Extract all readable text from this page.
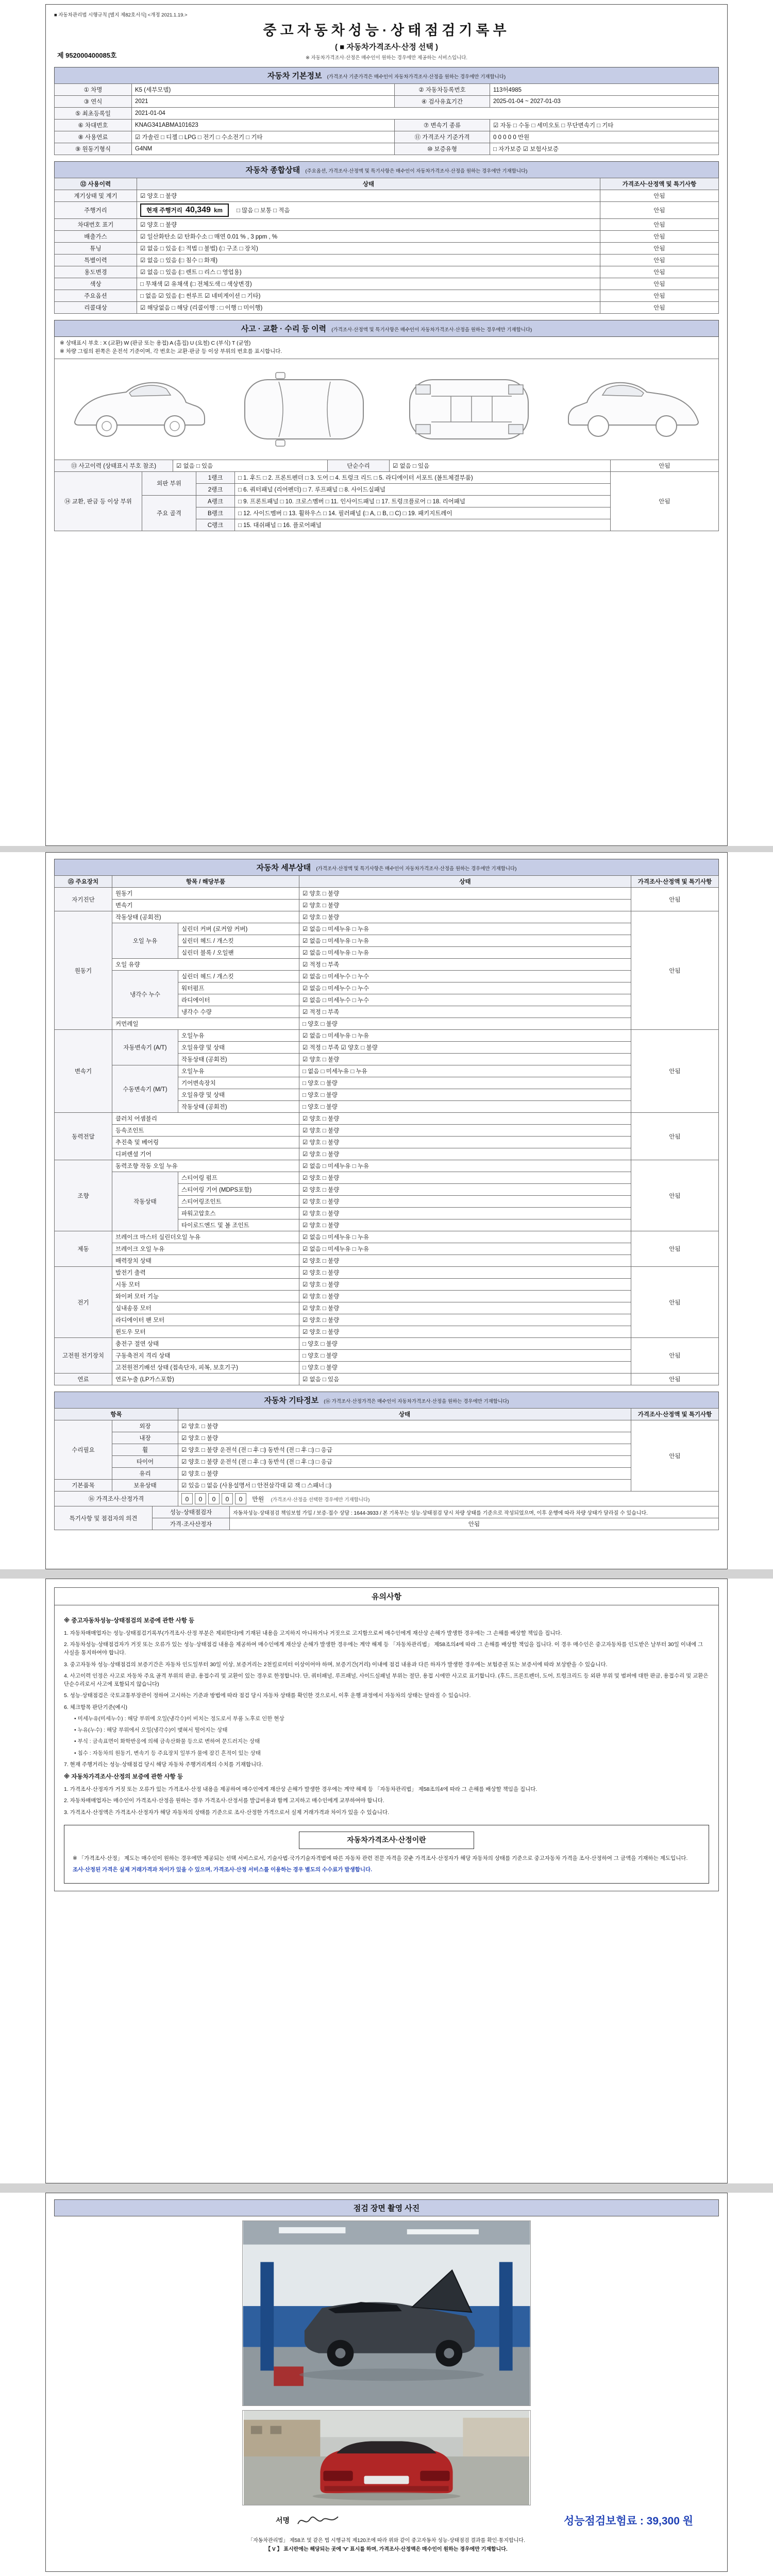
■ 자동차관리법 시행규칙 [별지 제82호서식] <개정 2021.1.19.>
중고자동차성능·상태점검기록부
( ■ 자동차가격조사·산정 선택 )
※ 자동차가격조사·산정은 매수인이 원하는 경우에만 제공하는 서비스입니다.
제 952000400085호
자동차 기본정보 (가격조사 기준가격은 매수인이 자동차가격조사·산정을 원하는 경우에만 기재합니다)
① 차명	K5 (세부모델)	② 자동차등록번호	113허4985
③ 연식	2021	④ 검사유효기간	2025-01-04 ~ 2027-01-03
⑤ 최초등록일	2021-01-04		
⑥ 차대번호	KNAG341ABMA101623	⑦ 변속기 종류	☑ 자동 □ 수동 □ 세미오토 □ 무단변속기 □ 기타
⑧ 사용연료	☑ 가솔린 □ 디젤 □ LPG □ 전기 □ 수소전기 □ 기타	⑪ 가격조사 기준가격	0 0 0 0 0 만원
⑨ 원동기형식	G4NM	⑩ 보증유형	□ 자가보증 ☑ 보험사보증
자동차 종합상태 (주요옵션, 가격조사·산정액 및 특기사항은 매수인이 자동차가격조사·산정을 원하는 경우에만 기재합니다)
⑫ 사용이력	상태	가격조사·산정액 및 특기사항
계기상태 및 계기	☑ 양호 □ 불량	안됨
주행거리	현재 주행거리 40,349 km □ 많음 □ 보통 □ 적음	안됨
차대번호 표기	☑ 양호 □ 불량	안됨
배출가스	☑ 일산화탄소 ☑ 탄화수소 □ 매연 0.01 % , 3 ppm , %	안됨
튜닝	☑ 없음 □ 있음 (□ 적법 □ 불법) (□ 구조 □ 장치)	안됨
특별이력	☑ 없음 □ 있음 (□ 침수 □ 화재)	안됨
용도변경	☑ 없음 □ 있음 (□ 렌트 □ 리스 □ 영업용)	안됨
색상	□ 무채색 ☑ 유채색 (□ 전체도색 □ 색상변경)	안됨
주요옵션	□ 없음 ☑ 있음 (□ 썬루프 ☑ 네비게이션 □ 기타)	안됨
리콜대상	☑ 해당없음 □ 해당 (리콜이행 : □ 이행 □ 미이행)	안됨
사고 · 교환 · 수리 등 이력 (가격조사·산정액 및 특기사항은 매수인이 자동차가격조사·산정을 원하는 경우에만 기재합니다)
※ 상태표시 부호 : X (교환) W (판금 또는 용접) A (흠집) U (요철) C (부식) T (균열)
※ 차량 그림의 왼쪽은 운전석 기준이며, 각 번호는 교환·판금 등 이상 부위의 번호를 표시합니다.
⑬ 사고이력 (상태표시 부호 참조)	☑ 없음 □ 있음	단순수리	☑ 없음 □ 있음	안됨
⑭ 교환, 판금 등 이상 부위	외판 부위	1랭크	□ 1. 후드 □ 2. 프론트펜더 □ 3. 도어 □ 4. 트렁크 리드 □ 5. 라디에이터 서포트 (볼트체결부품)	안됨
		2랭크	□ 6. 쿼터패널 (리어펜더) □ 7. 루프패널 □ 8. 사이드실패널	
	주요 골격	A랭크	□ 9. 프론트패널 □ 10. 크로스멤버 □ 11. 인사이드패널 □ 17. 트렁크플로어 □ 18. 리어패널	
		B랭크	□ 12. 사이드멤버 □ 13. 휠하우스 □ 14. 필러패널 (□ A, □ B, □ C) □ 19. 패키지트레이	
		C랭크	□ 15. 대쉬패널 □ 16. 플로어패널	
자동차 세부상태 (가격조사·산정액 및 특기사항은 매수인이 자동차가격조사·산정을 원하는 경우에만 기재합니다)
⑮ 주요장치	항목 / 해당부품		상태	가격조사·산정액 및 특기사항
자기진단	원동기		☑ 양호 □ 불량	안됨
	변속기		☑ 양호 □ 불량	
원동기	작동상태 (공회전)		☑ 양호 □ 불량	안됨
	오일 누유	실린더 커버 (로커암 커버)	☑ 없음 □ 미세누유 □ 누유	
		실린더 헤드 / 개스킷	☑ 없음 □ 미세누유 □ 누유	
		실린더 블록 / 오일팬	☑ 없음 □ 미세누유 □ 누유	
	오일 유량		☑ 적정 □ 부족	
	냉각수 누수	실린더 헤드 / 개스킷	☑ 없음 □ 미세누수 □ 누수	
		워터펌프	☑ 없음 □ 미세누수 □ 누수	
		라디에이터	☑ 없음 □ 미세누수 □ 누수	
		냉각수 수량	☑ 적정 □ 부족	
	커먼레일		□ 양호 □ 불량	
변속기	자동변속기 (A/T)	오일누유	☑ 없음 □ 미세누유 □ 누유	안됨
		오일유량 및 상태	☑ 적정 □ 부족 ☑ 양호 □ 불량	
		작동상태 (공회전)	☑ 양호 □ 불량	
	수동변속기 (M/T)	오일누유	□ 없음 □ 미세누유 □ 누유	
		기어변속장치	□ 양호 □ 불량	
		오일유량 및 상태	□ 양호 □ 불량	
		작동상태 (공회전)	□ 양호 □ 불량	
동력전달	클러치 어셈블리		☑ 양호 □ 불량	안됨
	등속조인트		☑ 양호 □ 불량	
	추진축 및 베어링		☑ 양호 □ 불량	
	디퍼렌셜 기어		☑ 양호 □ 불량	
조향	동력조향 작동 오일 누유		☑ 없음 □ 미세누유 □ 누유	안됨
	작동상태	스티어링 펌프	☑ 양호 □ 불량	
		스티어링 기어 (MDPS포함)	☑ 양호 □ 불량	
		스티어링조인트	☑ 양호 □ 불량	
		파워고압호스	☑ 양호 □ 불량	
		타이로드엔드 및 볼 조인트	☑ 양호 □ 불량	
제동	브레이크 마스터 실린더오일 누유		☑ 없음 □ 미세누유 □ 누유	안됨
	브레이크 오일 누유		☑ 없음 □ 미세누유 □ 누유	
	배력장치 상태		☑ 양호 □ 불량	
전기	발전기 출력		☑ 양호 □ 불량	안됨
	시동 모터		☑ 양호 □ 불량	
	와이퍼 모터 기능		☑ 양호 □ 불량	
	실내송풍 모터		☑ 양호 □ 불량	
	라디에이터 팬 모터		☑ 양호 □ 불량	
	윈도우 모터		☑ 양호 □ 불량	
고전원 전기장치	충전구 절연 상태		□ 양호 □ 불량	안됨
	구동축전지 격리 상태		□ 양호 □ 불량	
	고전원전기배선 상태 (접속단자, 피복, 보호기구)		□ 양호 □ 불량	
연료	연료누출 (LP가스포함)		☑ 없음 □ 있음	안됨
자동차 기타정보 (⑯ 가격조사·산정가격은 매수인이 자동차가격조사·산정을 원하는 경우에만 기재합니다)
항목		상태	가격조사·산정액 및 특기사항
수리필요	외장	☑ 양호 □ 불량	안됨
	내장	☑ 양호 □ 불량	
	휠	☑ 양호 □ 불량 운전석 (전 □ 후 □) 동반석 (전 □ 후 □) □ 응급	
	타이어	☑ 양호 □ 불량 운전석 (전 □ 후 □) 동반석 (전 □ 후 □) □ 응급	
	유리	☑ 양호 □ 불량	
기본품목	보유상태	☑ 있음 □ 없음 (사용설명서 □ 안전삼각대 ☑ 잭 □ 스패너 □)	
⑯ 가격조사·산정가격	0 0 0 0 0 만원 (가격조사·산정을 선택한 경우에만 기재합니다)
특기사항 및 점검자의 의견	성능·상태점검자	자동차성능·상태점검 책임보험 가입 / 보증·접수 상담 : 1644-3933 / 본 기록부는 성능·상태점검 당시 차량 상태를 기준으로 작성되었으며, 이후 운행에 따라 차량 상태가 달라질 수 있습니다.
	가격·조사산정자	안됨
유의사항
※ 중고자동차성능·상태점검의 보증에 관한 사항 등
1. 자동차매매업자는 성능·상태점검기록부(가격조사·산정 부분은 제외한다)에 기재된 내용을 고지하지 아니하거나 거짓으로 고지함으로써 매수인에게 재산상 손해가 발생한 경우에는 그 손해를 배상할 책임을 집니다.
2. 자동차성능·상태점검자가 거짓 또는 오류가 있는 성능·상태점검 내용을 제공하여 매수인에게 재산상 손해가 발생한 경우에는 계약 해제 등 「자동차관리법」 제58조의4에 따라 그 손해를 배상할 책임을 집니다. 이 경우 매수인은 중고자동차를 인도받은 날부터 30일 이내에 그 사실을 통지하여야 합니다.
3. 중고자동차 성능·상태점검의 보증기간은 자동차 인도일부터 30일 이상, 보증거리는 2천킬로미터 이상이어야 하며, 보증기간(거리) 이내에 점검 내용과 다른 하자가 발생한 경우에는 보험증권 또는 보증서에 따라 보상받을 수 있습니다.
4. 사고이력 인정은 사고로 자동차 주요 골격 부위의 판금, 용접수리 및 교환이 있는 경우로 한정합니다. 단, 쿼터패널, 루프패널, 사이드실패널 부위는 절단, 용접 시에만 사고로 표기합니다. (후드, 프론트펜더, 도어, 트렁크리드 등 외판 부위 및 범퍼에 대한 판금, 용접수리 및 교환은 단순수리로서 사고에 포함되지 않습니다)
5. 성능·상태점검은 국토교통부장관이 정하여 고시하는 기준과 방법에 따라 점검 당시 자동차 상태를 확인한 것으로서, 이후 운행 과정에서 자동차의 상태는 달라질 수 있습니다.
6. 체크항목 판단기준(예시)
• 미세누유(미세누수) : 해당 부위에 오일(냉각수)이 비치는 정도로서 부품 노후로 인한 현상
• 누유(누수) : 해당 부위에서 오일(냉각수)이 맺혀서 떨어지는 상태
• 부식 : 금속표면이 화학반응에 의해 금속산화물 등으로 변하여 문드러지는 상태
• 침수 : 자동차의 원동기, 변속기 등 주요장치 일부가 물에 잠긴 흔적이 있는 상태
7. 현재 주행거리는 성능·상태점검 당시 해당 자동차 주행거리계의 수치를 기재합니다.
※ 자동차가격조사·산정의 보증에 관한 사항 등
1. 가격조사·산정자가 거짓 또는 오류가 있는 가격조사·산정 내용을 제공하여 매수인에게 재산상 손해가 발생한 경우에는 계약 해제 등 「자동차관리법」 제58조의4에 따라 그 손해를 배상할 책임을 집니다.
2. 자동차매매업자는 매수인이 가격조사·산정을 원하는 경우 가격조사·산정서를 발급비용과 함께 고지하고 매수인에게 교부하여야 합니다.
3. 가격조사·산정액은 가격조사·산정자가 해당 자동차의 상태를 기준으로 조사·산정한 가격으로서 실제 거래가격과 차이가 있을 수 있습니다.
자동차가격조사·산정이란
※ 「가격조사·산정」 제도는 매수인이 원하는 경우에만 제공되는 선택 서비스로서, 기술사법·국가기술자격법에 따른 자동차 관련 전문 자격을 갖춘 가격조사·산정자가 해당 자동차의 상태를 기준으로 중고자동차 가격을 조사·산정하여 그 금액을 기재하는 제도입니다.
조사·산정된 가격은 실제 거래가격과 차이가 있을 수 있으며, 가격조사·산정 서비스를 이용하는 경우 별도의 수수료가 발생합니다.
점검 장면 촬영 사진
서명	성능점검보험료 : 39,300 원
「자동차관리법」 제58조 및 같은 법 시행규칙 제120조에 따라 위와 같이 중고자동차 성능·상태점검 결과를 확인·통지합니다.
【 V 】 표시란에는 해당되는 곳에 'V' 표시를 하며, 가격조사·산정액은 매수인이 원하는 경우에만 기재합니다.
